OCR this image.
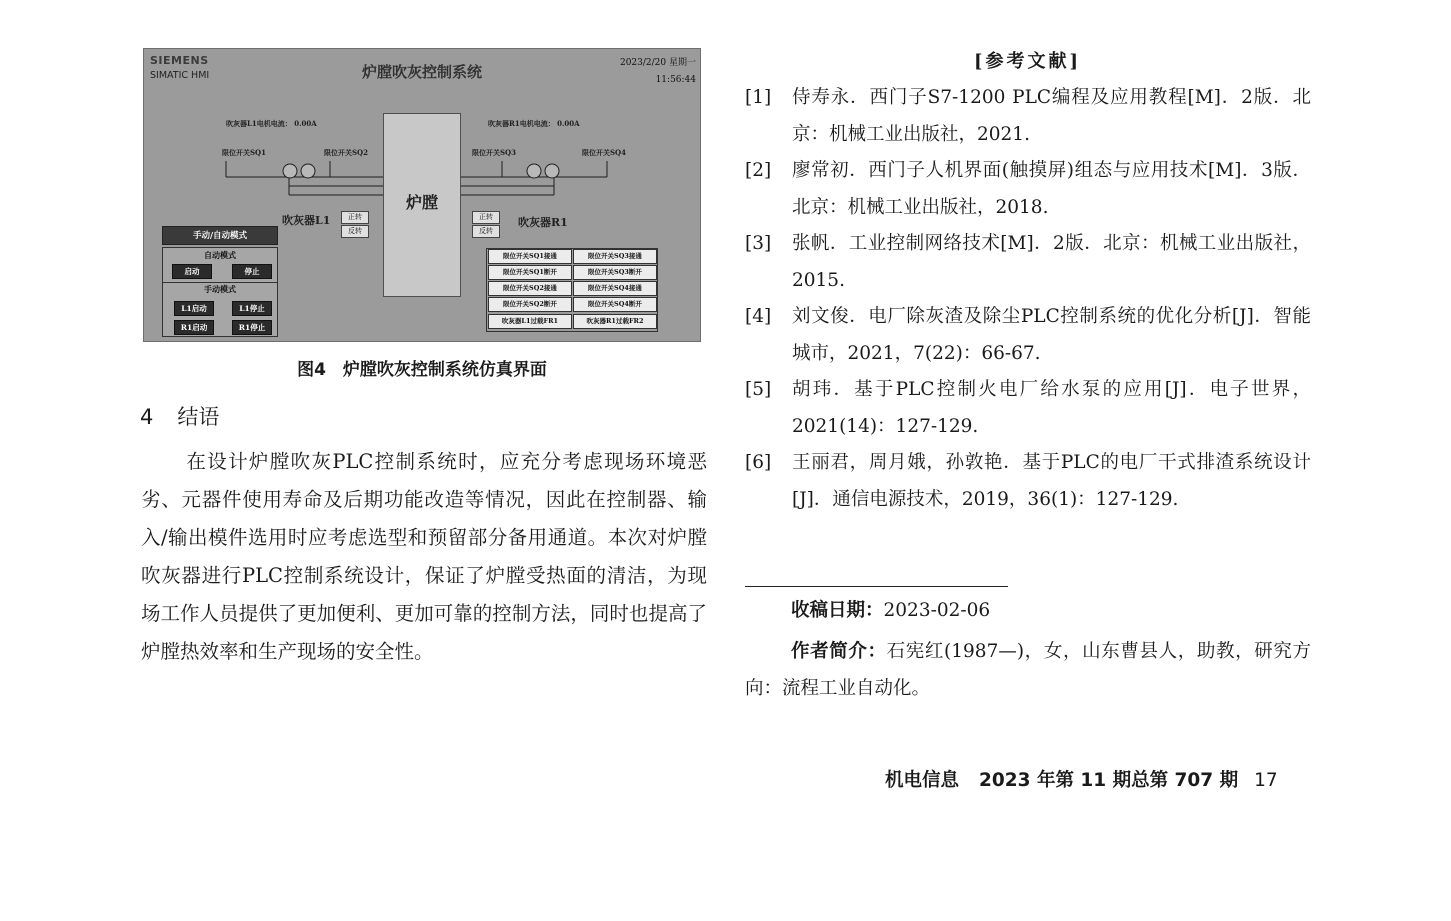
SIEMENS
SIMATIC HMI	炉膛吹灰控制系统	2023/2/20 星期一
11:56:44
吹灰器L1电机电流： 0.00A	吹灰器R1电机电流： 0.00A
限位开关SQ1	限位开关SQ2	限位开关SQ3	限位开关SQ4
炉膛
吹灰器L1	正转
反转
正转
反转
吹灰器R1
手动/自动模式
自动模式
启动	停止
手动模式
L1启动	L1停止
R1启动	R1停止
限位开关SQ1接通	限位开关SQ3接通
限位开关SQ1断开	限位开关SQ3断开
限位开关SQ2接通	限位开关SQ4接通
限位开关SQ2断开	限位开关SQ4断开
吹灰器L1过载FR1	吹灰器R1过载FR2
图4　炉膛吹灰控制系统仿真界面
4 结语
在设计炉膛吹灰PLC控制系统时，应充分考虑现场环境恶劣、元器件使用寿命及后期功能改造等情况，因此在控制器、输入/输出模件选用时应考虑选型和预留部分备用通道。本次对炉膛吹灰器进行PLC控制系统设计，保证了炉膛受热面的清洁，为现场工作人员提供了更加便利、更加可靠的控制方法，同时也提高了炉膛热效率和生产现场的安全性。
[参考文献]
[1]	侍寿永．西门子S7-1200 PLC编程及应用教程[M]．2版．北京：机械工业出版社，2021.
[2]	廖常初．西门子人机界面(触摸屏)组态与应用技术[M]．3版．北京：机械工业出版社，2018.
[3]	张帆．工业控制网络技术[M]．2版．北京：机械工业出版社，2015.
[4]	刘文俊．电厂除灰渣及除尘PLC控制系统的优化分析[J]．智能城市，2021，7(22)：66-67.
[5]	胡玮．基于PLC控制火电厂给水泵的应用[J]．电子世界，2021(14)：127-129.
[6]	王丽君，周月娥，孙敦艳．基于PLC的电厂干式排渣系统设计[J]．通信电源技术，2019，36(1)：127-129.
收稿日期：2023-02-06
作者简介：石宪红(1987—)，女，山东曹县人，助教，研究方向：流程工业自动化。
机电信息 2023 年第 11 期总第 707 期 17
